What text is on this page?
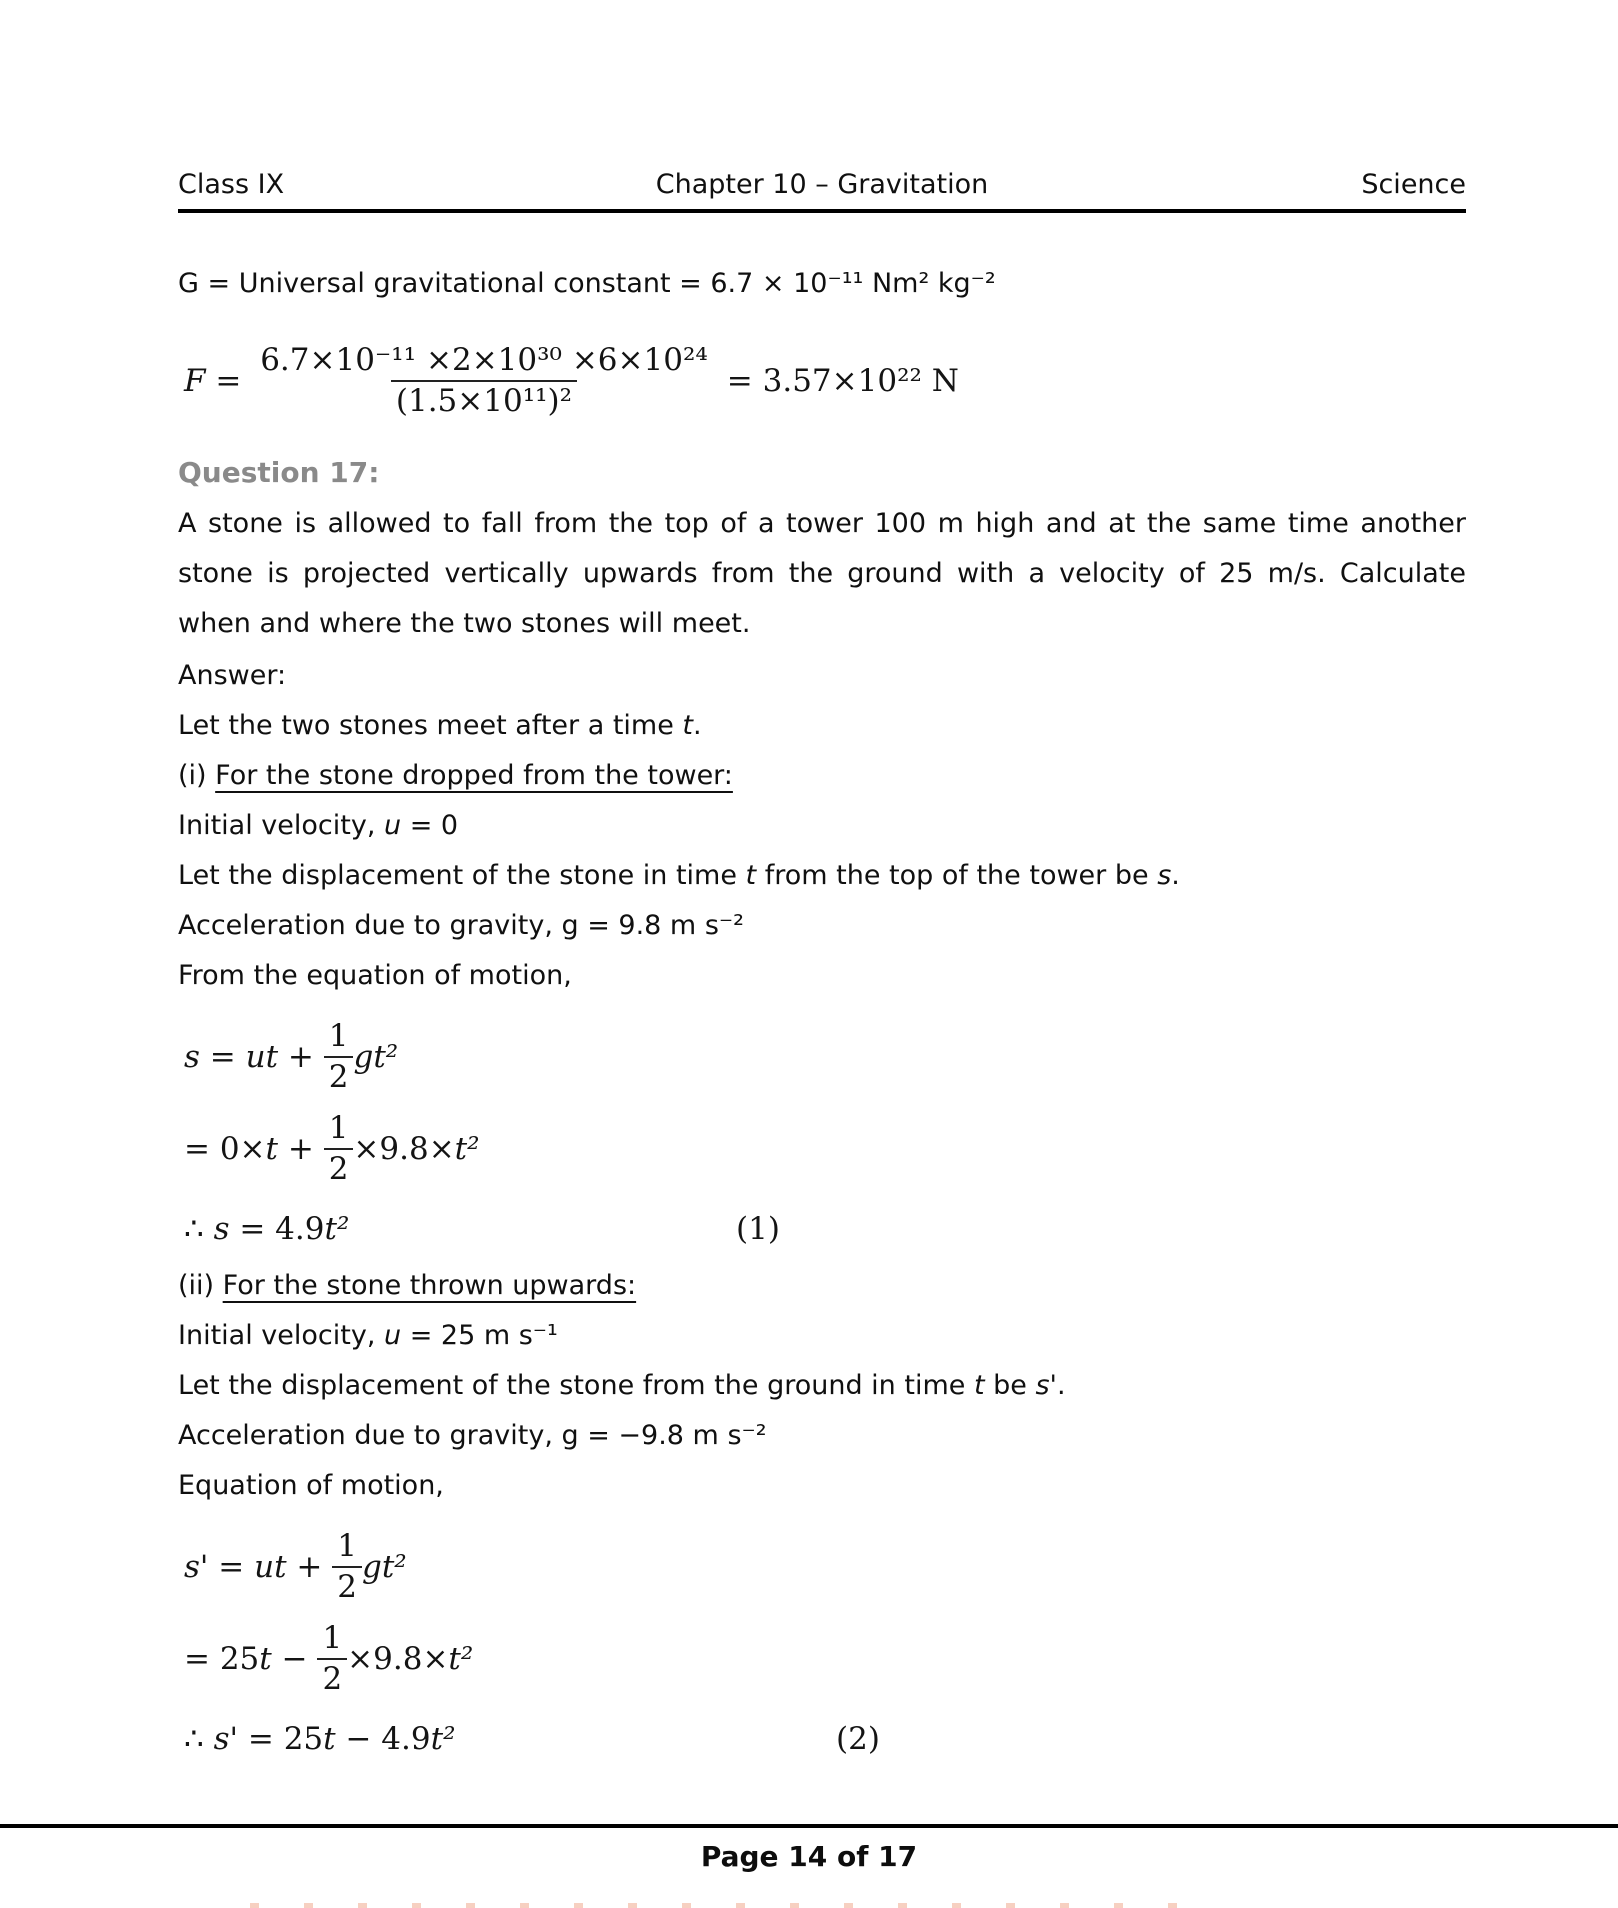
Class IX	Chapter 10 – Gravitation	Science

G = Universal gravitational constant = 6.7 × 10⁻¹¹ Nm² kg⁻²

$F = \frac{\text{6.7×10⁻¹¹ ×2×10³⁰ ×6×10²⁴}}{\text{(1.5×10¹¹)²}} = 3.57\times 10^{22}$ N

Question 17:

A stone is allowed to fall from the top of a tower 100 m high and at the same time another stone is projected vertically upwards from the ground with a velocity of 25 m/s. Calculate when and where the two stones will meet.

Answer:

Let the two stones meet after a time t.

(i) For the stone dropped from the tower:

Initial velocity, u = 0

Let the displacement of the stone in time t from the top of the tower be s.

Acceleration due to gravity, g = 9.8 m s⁻²

From the equation of motion,

s = ut + $\frac{1}{2} gt^2$
= $0\times t + \frac{1}{2} \times 9.8\times t^2$
∴ s = 4.9 t²	(1)

(ii) For the stone thrown upwards:

Initial velocity, u = 25 m s⁻¹

Let the displacement of the stone from the ground in time t be s'.

Acceleration due to gravity, g = −9.8 m s⁻²

Equation of motion,

s' = ut + $\frac{1}{2} gt^2$
= 25 $t - \frac{1}{2} \times 9.8\times t^2$
∴ s' = 25 t − 4.9 t²	(2)
Page 14 of 17
